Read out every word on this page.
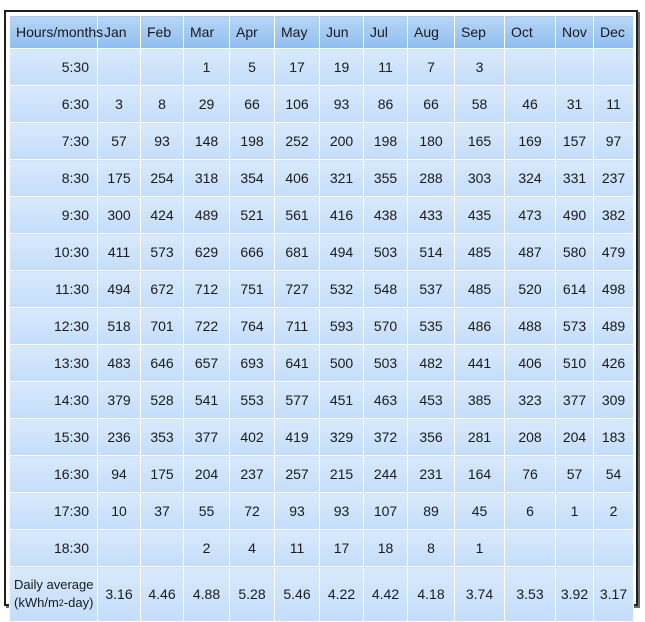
Hours/months	Jan	Feb	Mar	Apr	May	Jun	Jul	Aug	Sep	Oct	Nov	Dec
5:30			1	5	17	19	11	7	3			
6:30	3	8	29	66	106	93	86	66	58	46	31	11
7:30	57	93	148	198	252	200	198	180	165	169	157	97
8:30	175	254	318	354	406	321	355	288	303	324	331	237
9:30	300	424	489	521	561	416	438	433	435	473	490	382
10:30	411	573	629	666	681	494	503	514	485	487	580	479
11:30	494	672	712	751	727	532	548	537	485	520	614	498
12:30	518	701	722	764	711	593	570	535	486	488	573	489
13:30	483	646	657	693	641	500	503	482	441	406	510	426
14:30	379	528	541	553	577	451	463	453	385	323	377	309
15:30	236	353	377	402	419	329	372	356	281	208	204	183
16:30	94	175	204	237	257	215	244	231	164	76	57	54
17:30	10	37	55	72	93	93	107	89	45	6	1	2
18:30			2	4	11	17	18	8	1			
Daily average
$(kWh/m^2-day)$	3.16	4.46	4.88	5.28	5.46	4.22	4.42	4.18	3.74	3.53	3.92	3.17
